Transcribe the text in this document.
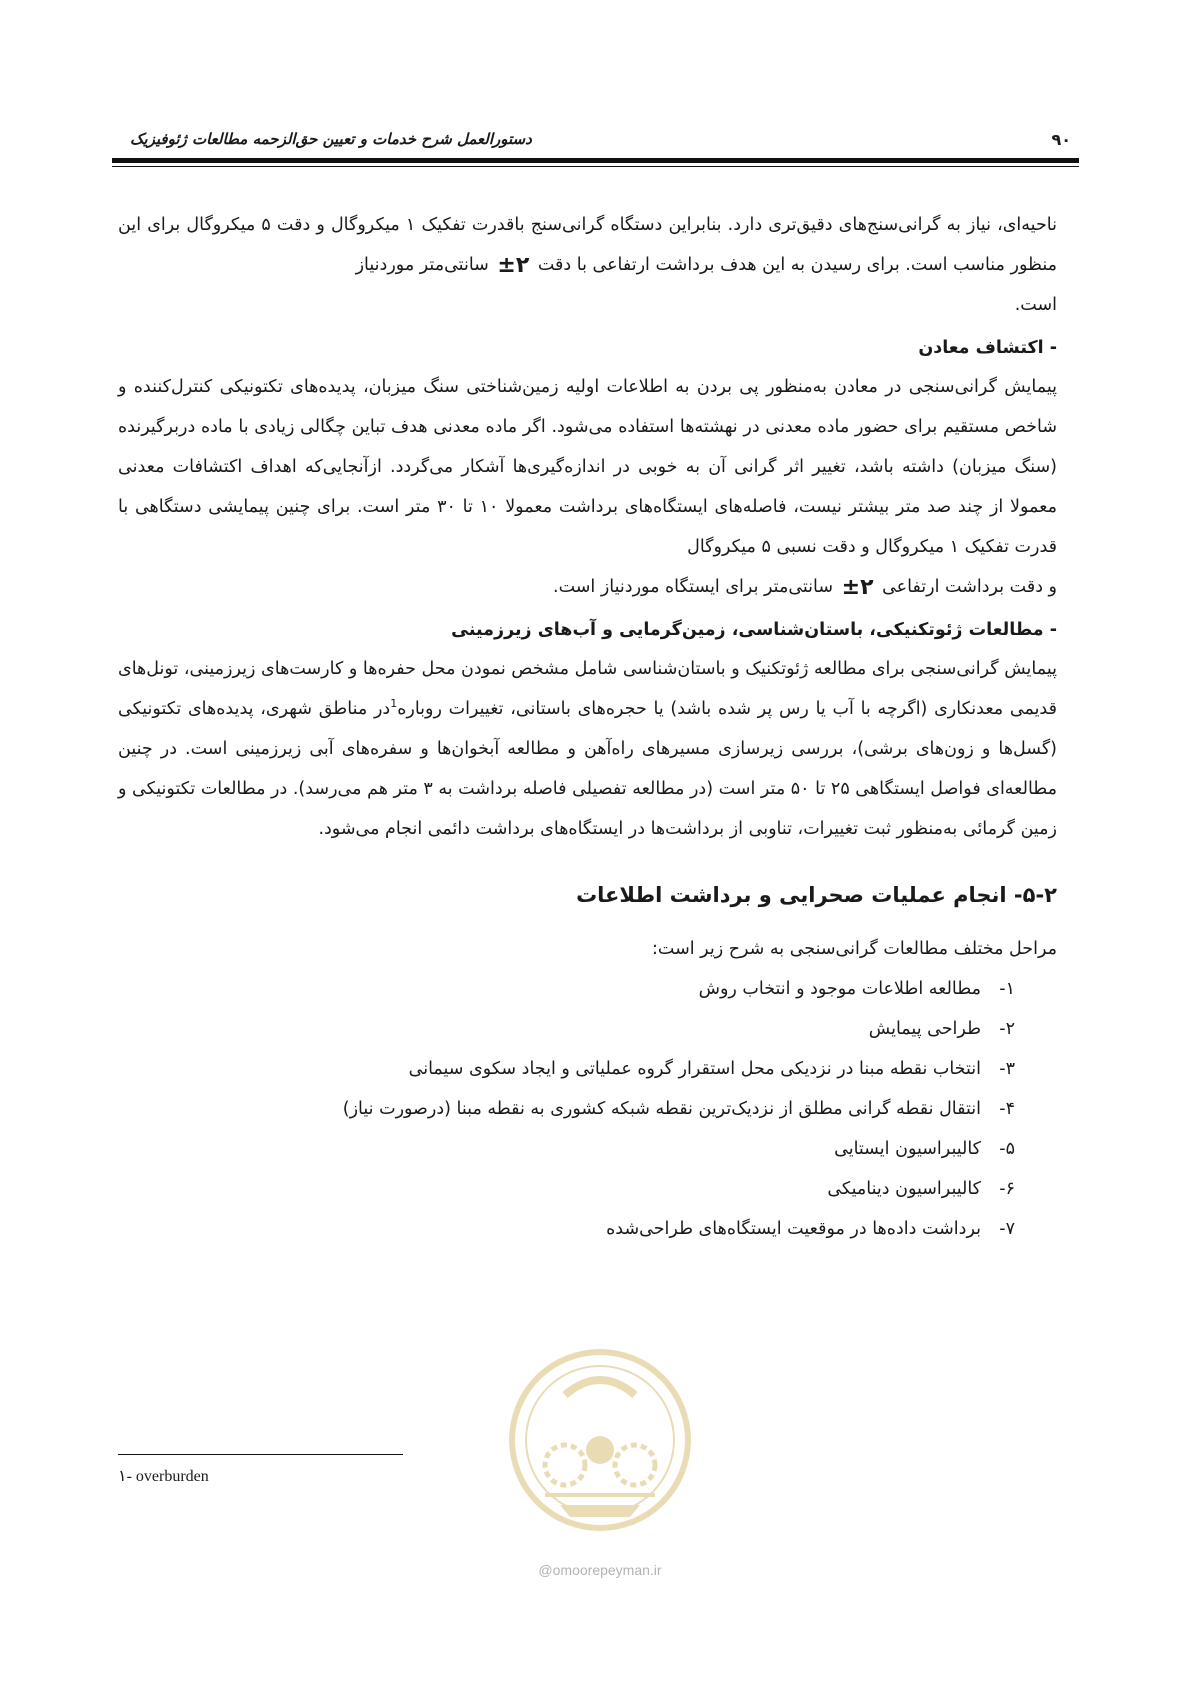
۹۰
دستورالعمل شرح خدمات و تعیین حق‌الزحمه مطالعات ژئوفیزیک

ناحیه‌ای، نیاز به گرانی‌سنج‌های دقیق‌تری دارد. بنابراین دستگاه گرانی‌سنج باقدرت تفکیک ۱ میکروگال و دقت ۵ میکروگال برای این منظور مناسب است. برای رسیدن به این هدف برداشت ارتفاعی با دقت ±۲ سانتی‌متر موردنیاز
است.

- اکتشاف معادن

پیمایش گرانی‌سنجی در معادن به‌منظور پی بردن به اطلاعات اولیه زمین‌شناختی سنگ میزبان، پدیده‌های تکتونیکی کنترل‌کننده و شاخص مستقیم برای حضور ماده معدنی در نهشته‌ها استفاده می‌شود. اگر ماده معدنی هدف تباین چگالی زیادی با ماده دربرگیرنده (سنگ میزبان) داشته باشد، تغییر اثر گرانی آن به خوبی در اندازه‌گیری‌ها آشکار می‌گردد. ازآنجایی‌که اهداف اکتشافات معدنی معمولا از چند صد متر بیشتر نیست، فاصله‌های ایستگاه‌های برداشت معمولا ۱۰ تا ۳۰ متر است. برای چنین پیمایشی دستگاهی با قدرت تفکیک ۱ میکروگال و دقت نسبی ۵ میکروگال
و دقت برداشت ارتفاعی ±۲ سانتی‌متر برای ایستگاه موردنیاز است.

- مطالعات ژئوتکنیکی، باستان‌شناسی، زمین‌گرمایی و آب‌های زیرزمینی

پیمایش گرانی‌سنجی برای مطالعه ژئوتکنیک و باستان‌شناسی شامل مشخص نمودن محل حفره‌ها و کارست‌های زیرزمینی، تونل‌های قدیمی معدنکاری (اگرچه با آب یا رس پر شده باشد) یا حجره‌های باستانی، تغییرات روباره$^1$در مناطق شهری، پدیده‌های تکتونیکی (گسل‌ها و زون‌های برشی)، بررسی زیرسازی مسیرهای راه‌آهن و مطالعه آبخوان‌ها و سفره‌های آبی زیرزمینی است. در چنین مطالعه‌ای فواصل ایستگاهی ۲۵ تا ۵۰ متر است (در مطالعه تفصیلی فاصله برداشت به ۳ متر هم می‌رسد). در مطالعات تکتونیکی و زمین گرمائی به‌منظور ثبت تغییرات، تناوبی از برداشت‌ها در ایستگاه‌های برداشت دائمی انجام می‌شود.

۵-۲- انجام عملیات صحرایی و برداشت اطلاعات

مراحل مختلف مطالعات گرانی‌سنجی به شرح زیر است:

۱-مطالعه اطلاعات موجود و انتخاب روش
۲-طراحی پیمایش
۳-انتخاب نقطه مبنا در نزدیکی محل استقرار گروه عملیاتی و ایجاد سکوی سیمانی
۴-انتقال نقطه گرانی مطلق از نزدیک‌ترین نقطه شبکه کشوری به نقطه مبنا (درصورت نیاز)
۵-کالیبراسیون ایستایی
۶-کالیبراسیون دینامیکی
۷-برداشت داده‌ها در موقعیت ایستگاه‌های طراحی‌شده
@omoorepeyman.ir
۱- overburden
